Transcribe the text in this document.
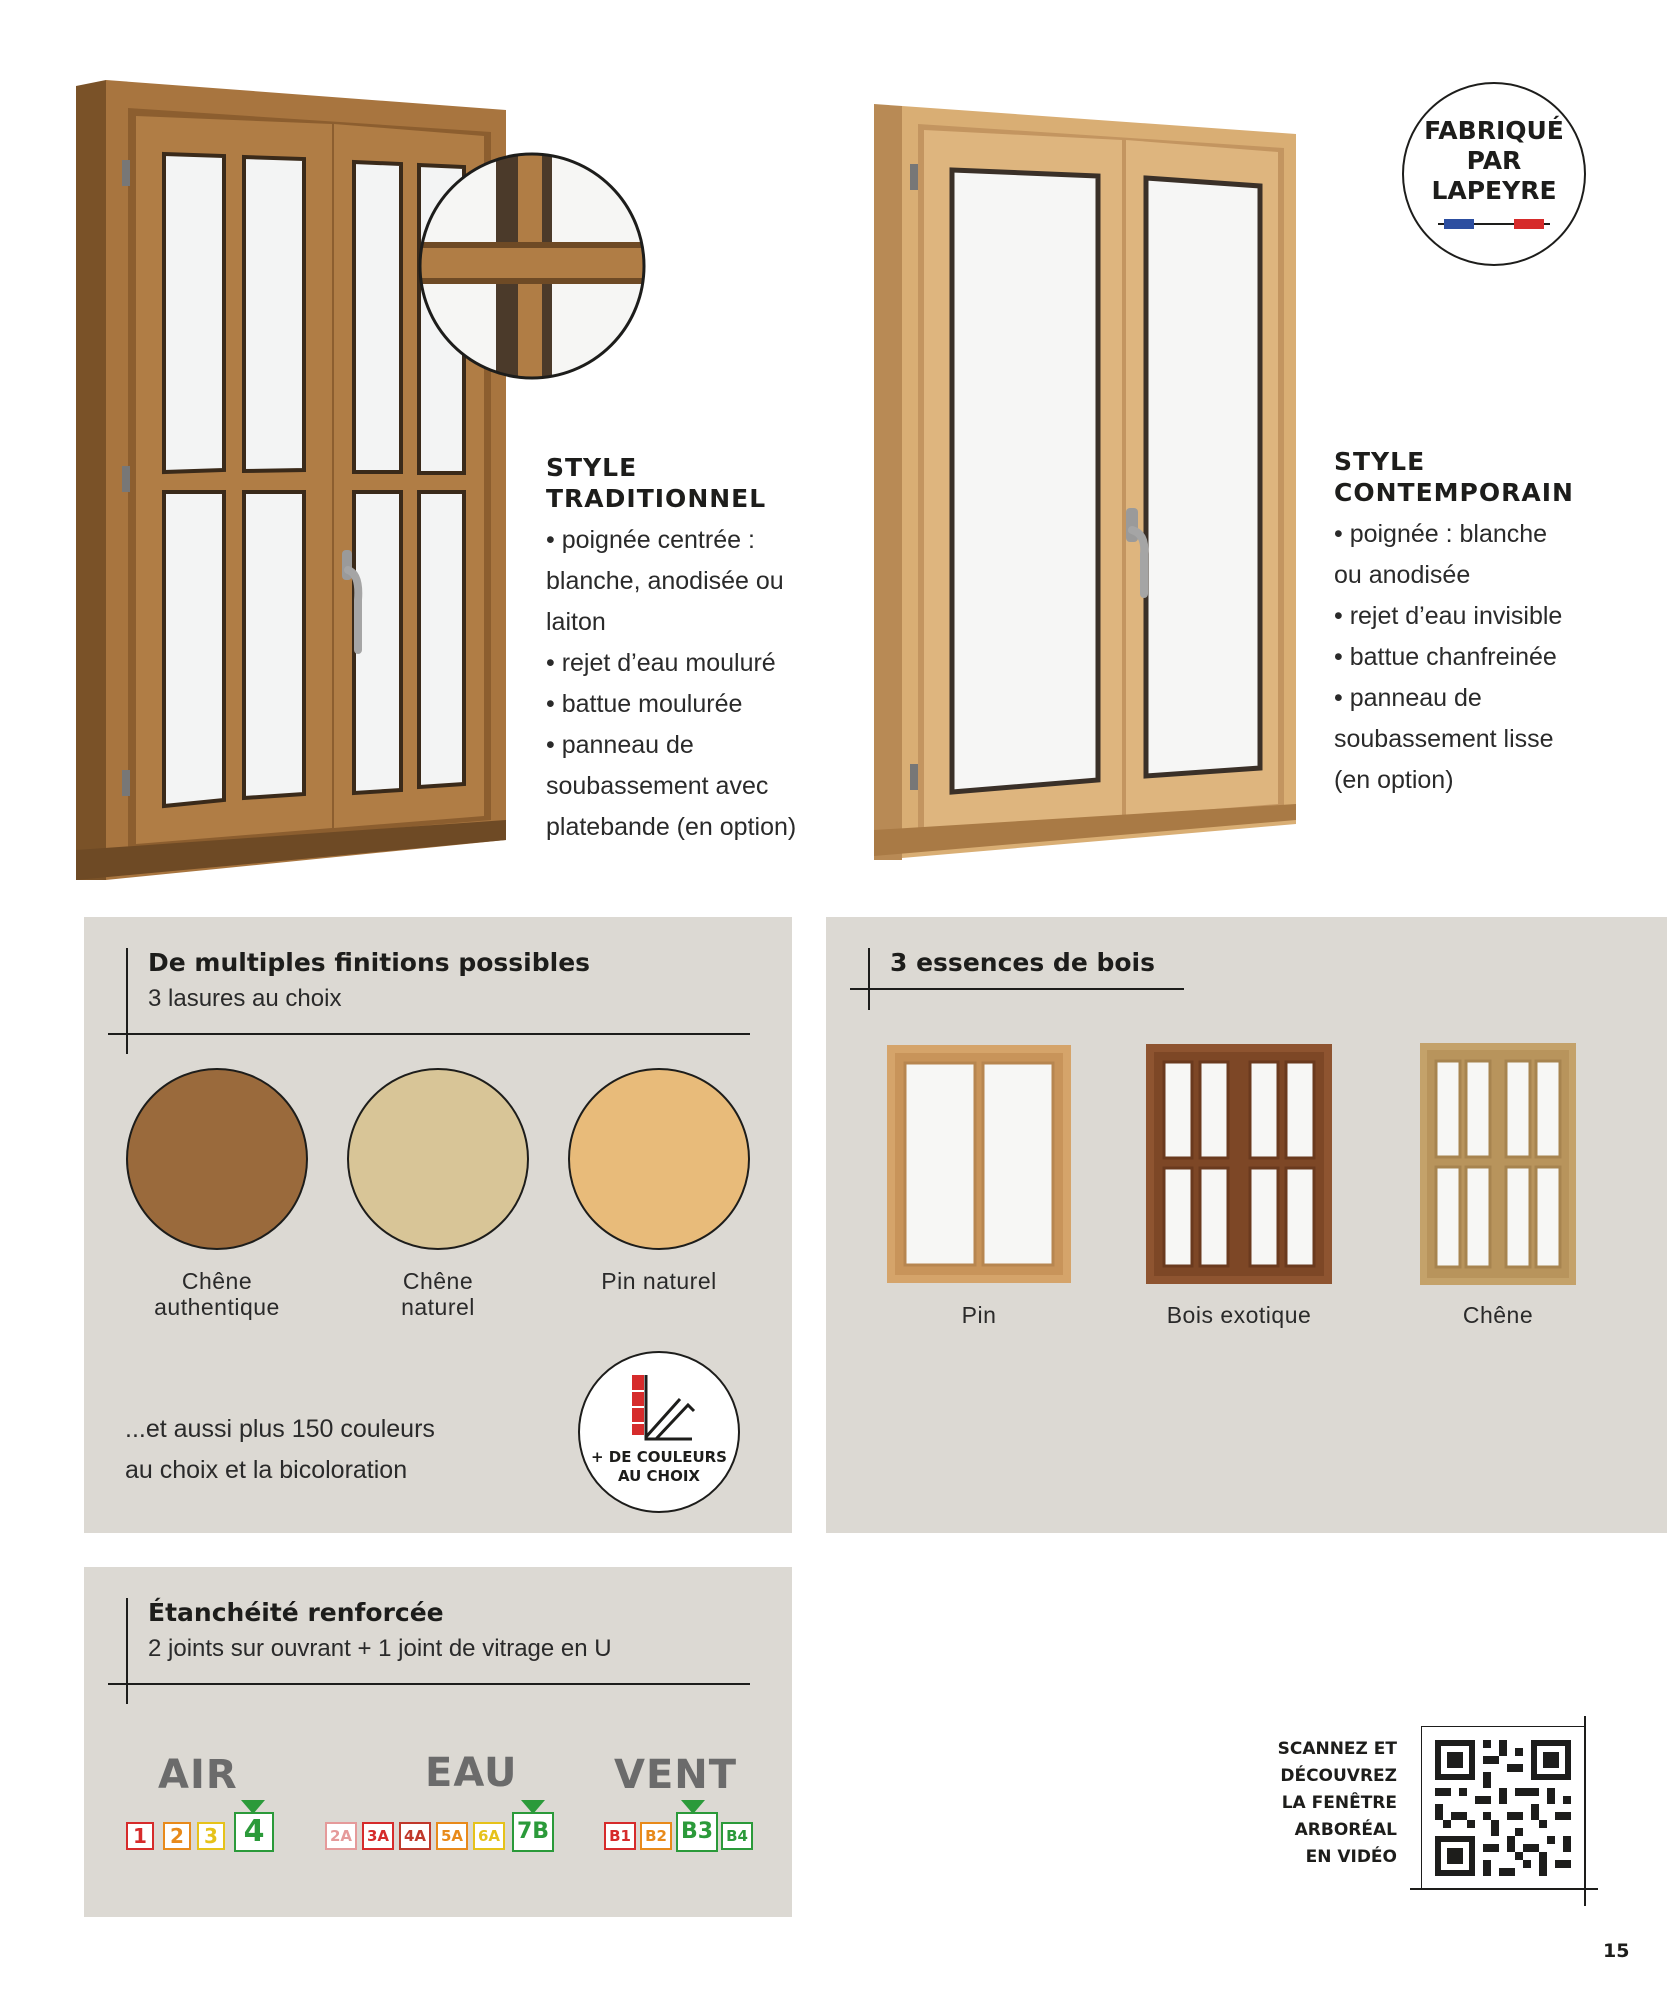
STYLE
TRADITIONNEL
• poignée centrée :
blanche, anodisée ou
laiton
• rejet d’eau mouluré
• battue moulurée
• panneau de
soubassement avec
platebande (en option)
STYLE
CONTEMPORAIN
• poignée : blanche
ou anodisée
• rejet d’eau invisible
• battue chanfreinée
• panneau de
soubassement lisse
(en option)
FABRIQUÉ
PAR
LAPEYRE
De multiples finitions possibles
3 lasures au choix
Chêne
authentique
Chêne
naturel
Pin naturel
...et aussi plus 150 couleurs
au choix et la bicoloration	+ DE COULEURS
AU CHOIX
3 essences de bois
Pin	Bois exotique	Chêne
Étanchéité renforcée
2 joints sur ouvrant + 1 joint de vitrage en U
AIR
1	2	3 4
EAU
2A 3A 4A 5A 6A 7B
VENT
B1 B2 B3 B4
SCANNEZ ET
DÉCOUVREZ
LA FENÊTRE
ARBORÉAL
EN VIDÉO
15
